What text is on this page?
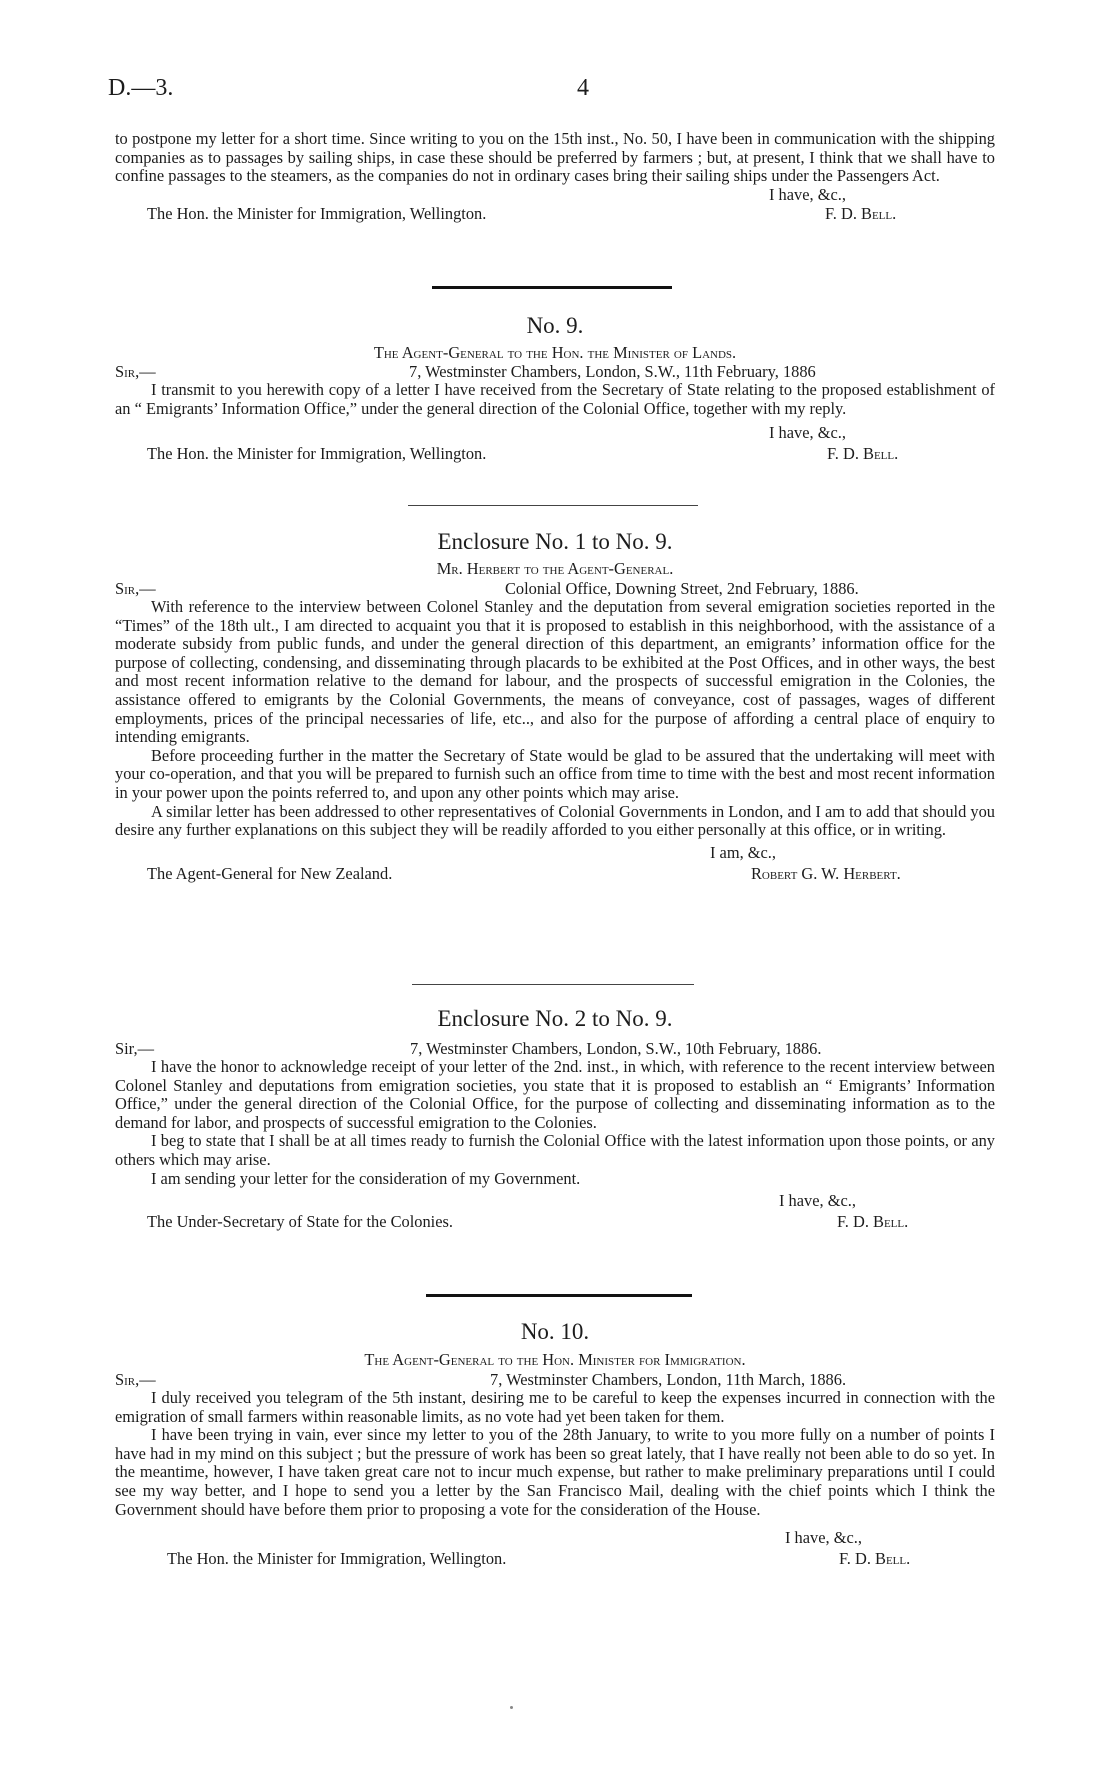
D.—3.	4

to postpone my letter for a short time. Since writing to you on the 15th inst., No. 50, I have been in communication with the shipping companies as to passages by sailing ships, in case these should be preferred by farmers ; but, at present, I think that we shall have to confine passages to the steamers, as the companies do not in ordinary cases bring their sailing ships under the Passengers Act.

I have, &c.,
The Hon. the Minister for Immigration, Wellington.	F. D. Bell.
No. 9.
The Agent-General to the Hon. the Minister of Lands.
Sir,—	7, Westminster Chambers, London, S.W., 11th February, 1886

I transmit to you herewith copy of a letter I have received from the Secretary of State relating to the proposed establishment of an “ Emigrants’ Information Office,” under the general direction of the Colonial Office, together with my reply.

I have, &c.,
The Hon. the Minister for Immigration, Wellington.	F. D. Bell.
Enclosure No. 1 to No. 9.
Mr. Herbert to the Agent-General.
Sir,—	Colonial Office, Downing Street, 2nd February, 1886.

With reference to the interview between Colonel Stanley and the deputation from several emigration societies reported in the “Times” of the 18th ult., I am directed to acquaint you that it is proposed to establish in this neighborhood, with the assistance of a moderate subsidy from public funds, and under the general direction of this department, an emigrants’ information office for the purpose of collecting, condensing, and disseminating through placards to be exhibited at the Post Offices, and in other ways, the best and most recent information relative to the demand for labour, and the prospects of successful emigration in the Colonies, the assistance offered to emigrants by the Colonial Governments, the means of conveyance, cost of passages, wages of different employments, prices of the principal necessaries of life, etc.., and also for the purpose of affording a central place of enquiry to intending emigrants.

Before proceeding further in the matter the Secretary of State would be glad to be assured that the undertaking will meet with your co-operation, and that you will be prepared to furnish such an office from time to time with the best and most recent information in your power upon the points referred to, and upon any other points which may arise.

A similar letter has been addressed to other representatives of Colonial Governments in London, and I am to add that should you desire any further explanations on this subject they will be readily afforded to you either personally at this office, or in writing.

I am, &c.,
The Agent-General for New Zealand.	Robert G. W. Herbert.
Enclosure No. 2 to No. 9.
Sir,—	7, Westminster Chambers, London, S.W., 10th February, 1886.

I have the honor to acknowledge receipt of your letter of the 2nd. inst., in which, with reference to the recent interview between Colonel Stanley and deputations from emigration societies, you state that it is proposed to establish an “ Emigrants’ Information Office,” under the general direction of the Colonial Office, for the purpose of collecting and disseminating information as to the demand for labor, and prospects of successful emigration to the Colonies.

I beg to state that I shall be at all times ready to furnish the Colonial Office with the latest information upon those points, or any others which may arise.

I am sending your letter for the consideration of my Government.

I have, &c.,
The Under-Secretary of State for the Colonies.	F. D. Bell.
No. 10.
The Agent-General to the Hon. Minister for Immigration.
Sir,—	7, Westminster Chambers, London, 11th March, 1886.

I duly received you telegram of the 5th instant, desiring me to be careful to keep the expenses incurred in connection with the emigration of small farmers within reasonable limits, as no vote had yet been taken for them.

I have been trying in vain, ever since my letter to you of the 28th January, to write to you more fully on a number of points I have had in my mind on this subject ; but the pressure of work has been so great lately, that I have really not been able to do so yet. In the meantime, however, I have taken great care not to incur much expense, but rather to make preliminary preparations until I could see my way better, and I hope to send you a letter by the San Francisco Mail, dealing with the chief points which I think the Government should have before them prior to proposing a vote for the consideration of the House.

I have, &c.,
The Hon. the Minister for Immigration, Wellington.	F. D. Bell.
